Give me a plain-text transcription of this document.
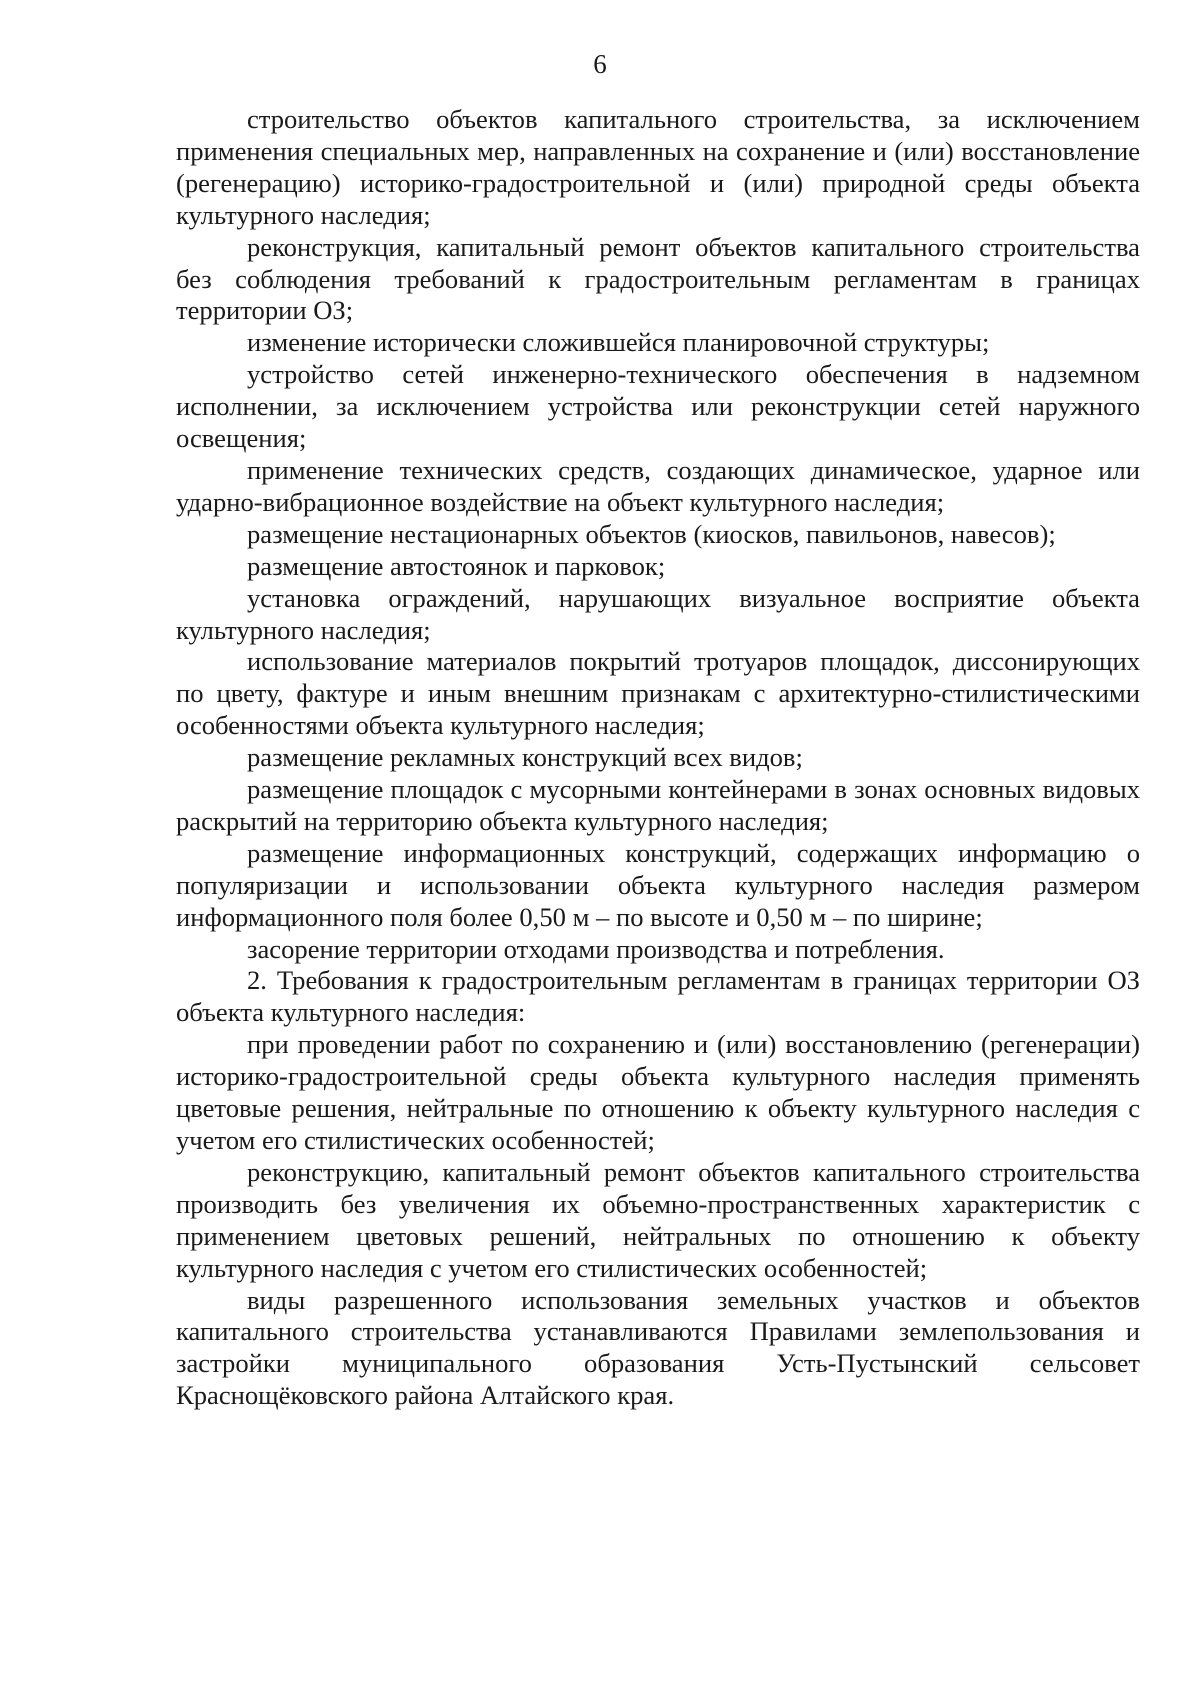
6

строительство объектов капитального строительства, за исключением применения специальных мер, направленных на сохранение и (или) восстановление (регенерацию) историко-градостроительной и (или) природной среды объекта культурного наследия;

реконструкция, капитальный ремонт объектов капитального строительства без соблюдения требований к градостроительным регламентам в границах территории ОЗ;

изменение исторически сложившейся планировочной структуры;

устройство сетей инженерно-технического обеспечения в надземном исполнении, за исключением устройства или реконструкции сетей наружного освещения;

применение технических средств, создающих динамическое, ударное или ударно-вибрационное воздействие на объект культурного наследия;

размещение нестационарных объектов (киосков, павильонов, навесов);

размещение автостоянок и парковок;

установка ограждений, нарушающих визуальное восприятие объекта культурного наследия;

использование материалов покрытий тротуаров площадок, диссонирующих по цвету, фактуре и иным внешним признакам с архитектурно-стилистическими особенностями объекта культурного наследия;

размещение рекламных конструкций всех видов;

размещение площадок с мусорными контейнерами в зонах основных видовых раскрытий на территорию объекта культурного наследия;

размещение информационных конструкций, содержащих информацию о популяризации и использовании объекта культурного наследия размером информационного поля более 0,50 м – по высоте и 0,50 м – по ширине;

засорение территории отходами производства и потребления.

2. Требования к градостроительным регламентам в границах территории ОЗ объекта культурного наследия:

при проведении работ по сохранению и (или) восстановлению (регенерации) историко-градостроительной среды объекта культурного наследия применять цветовые решения, нейтральные по отношению к объекту культурного наследия с учетом его стилистических особенностей;

реконструкцию, капитальный ремонт объектов капитального строительства производить без увеличения их объемно-пространственных характеристик с применением цветовых решений, нейтральных по отношению к объекту культурного наследия с учетом его стилистических особенностей;

виды разрешенного использования земельных участков и объектов капитального строительства устанавливаются Правилами землепользования и застройки муниципального образования Усть-Пустынский сельсовет Краснощёковского района Алтайского края.
